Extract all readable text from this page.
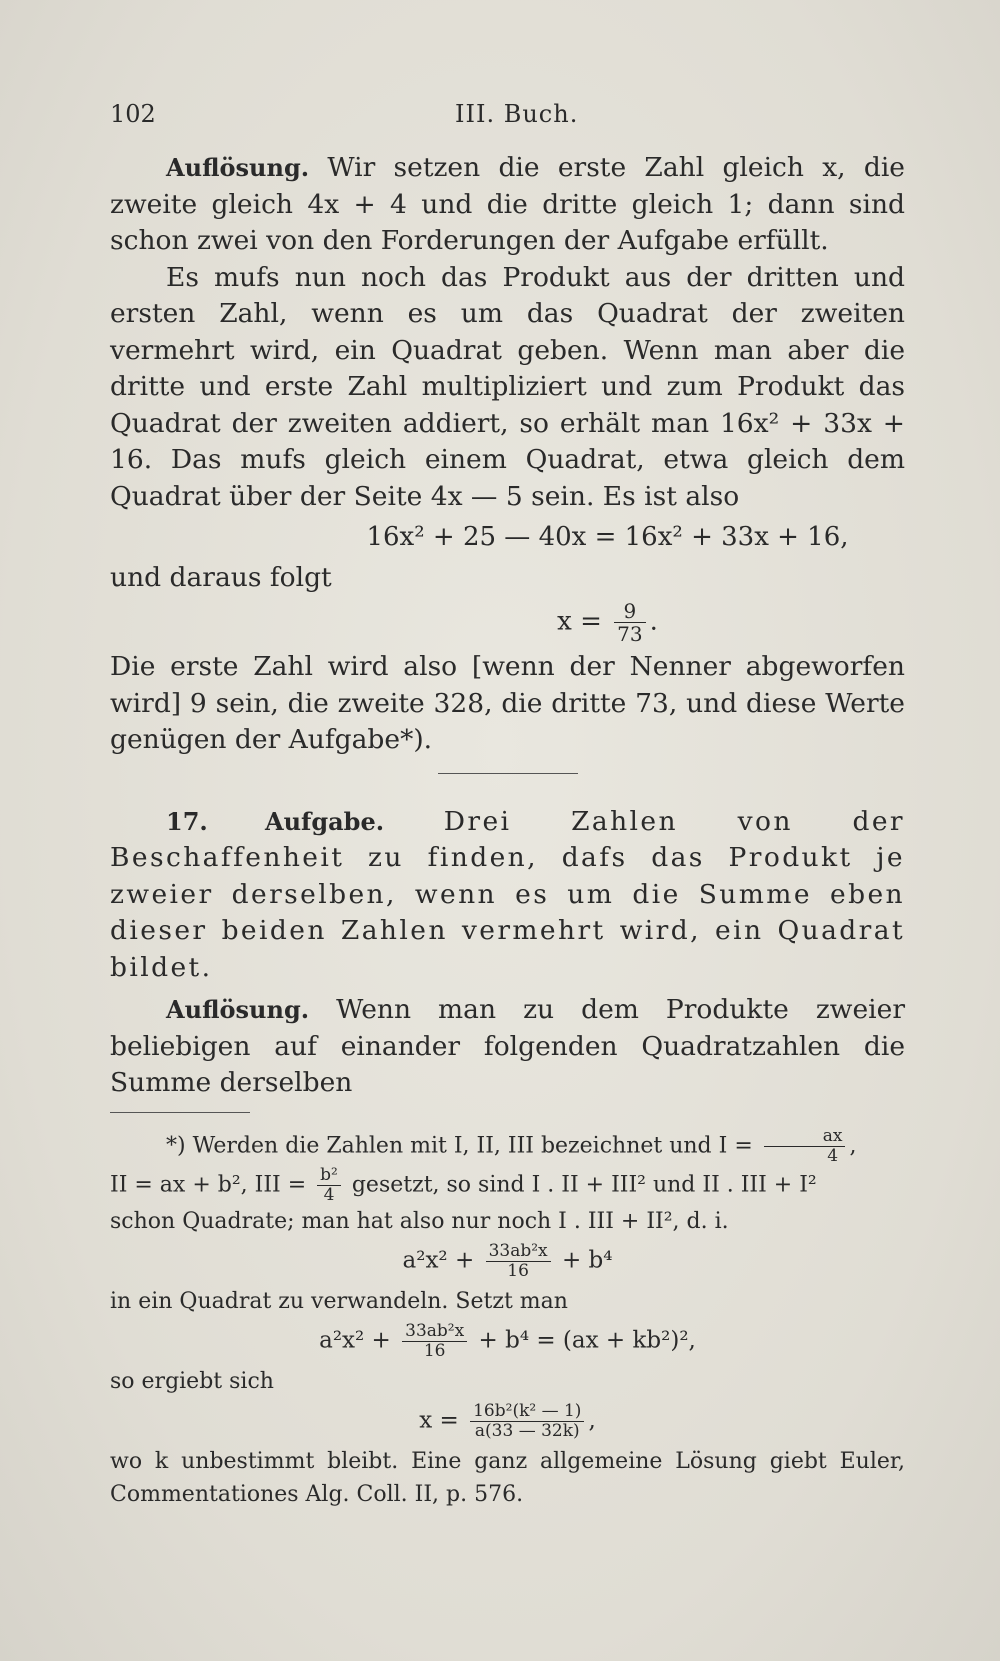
102	III. Buch.

Auflösung. Wir setzen die erste Zahl gleich x, die zweite gleich 4x + 4 und die dritte gleich 1; dann sind schon zwei von den Forderungen der Aufgabe erfüllt.

Es mufs nun noch das Produkt aus der dritten und ersten Zahl, wenn es um das Quadrat der zweiten vermehrt wird, ein Quadrat geben. Wenn man aber die dritte und erste Zahl multipliziert und zum Produkt das Quadrat der zweiten addiert, so erhält man 16x² + 33x + 16. Das mufs gleich einem Quadrat, etwa gleich dem Quadrat über der Seite 4x — 5 sein. Es ist also

16x² + 25 — 40x = 16x² + 33x + 16,

und daraus folgt

$x = \frac{9}{73}$ .

Die erste Zahl wird also [wenn der Nenner abgeworfen wird] 9 sein, die zweite 328, die dritte 73, und diese Werte genügen der Aufgabe*).

17. Aufgabe. Drei Zahlen von der Beschaffenheit zu finden, dafs das Produkt je zweier derselben, wenn es um die Summe eben dieser beiden Zahlen vermehrt wird, ein Quadrat bildet.

Auflösung. Wenn man zu dem Produkte zweier beliebigen auf einander folgenden Quadratzahlen die Summe derselben

*) Werden die Zahlen mit I, II, III bezeichnet und $I = \frac{ax}{4}$ ,

II = ax + b², III = $\frac{\text{b²}}{4}$ gesetzt, so sind I . II + III² und II . III + I²

schon Quadrate; man hat also nur noch I . III + II², d. i.

$a^2x^2 + \frac{\text{33ab²x}}{16} + b^4$

in ein Quadrat zu verwandeln. Setzt man

$a^2x^2 + \frac{\text{33ab²x}}{16} + b^4 = (ax + kb^2)^2$,

so ergiebt sich

$x = \frac{\text{16b²(k² — 1)}}{a(33 — 32k)}$ ,

wo k unbestimmt bleibt. Eine ganz allgemeine Lösung giebt Euler, Commentationes Alg. Coll. II, p. 576.
